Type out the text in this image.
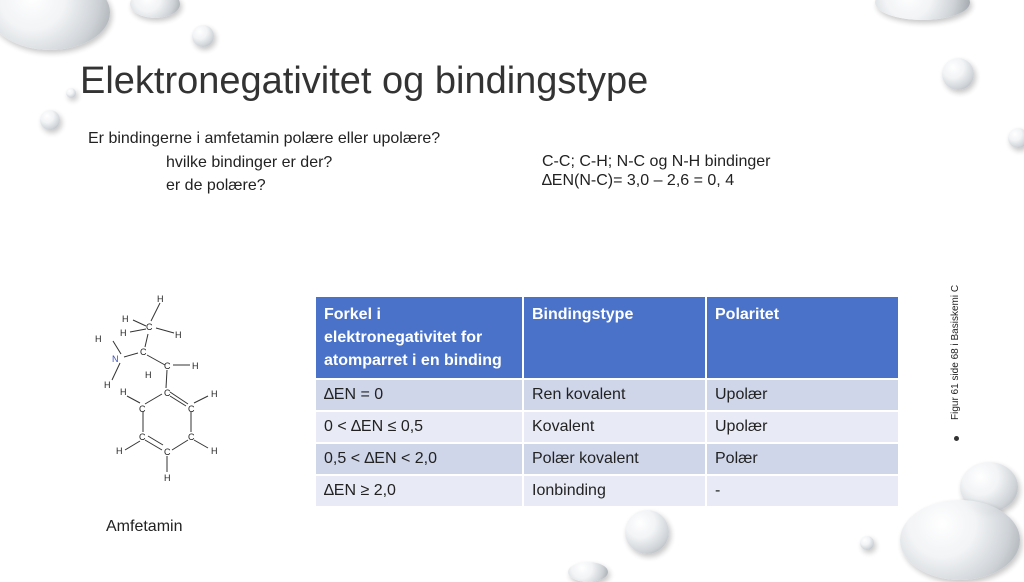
Elektronegativitet og bindingstype
Er bindingerne i amfetamin polære eller upolære?
hvilke bindinger er der?
er de polære?
C-C; C-H; N-C og N-H bindinger
∆EN(N-C)= 3,0 – 2,6 = 0, 4
H
H
C
H
H
H
C
N
C H
H
H
H	C	H
C	C
C	C
H	H
C
H
Amfetamin
Forkel i elektronegativitet for atomparret i en binding	Bindingstype	Polaritet
∆EN = 0	Ren kovalent	Upolær
0 < ∆EN ≤ 0,5	Kovalent	Upolær
0,5 < ∆EN < 2,0	Polær kovalent	Polær
∆EN ≥ 2,0	Ionbinding	-
Figur 61 side 68 i Basiskemi C
